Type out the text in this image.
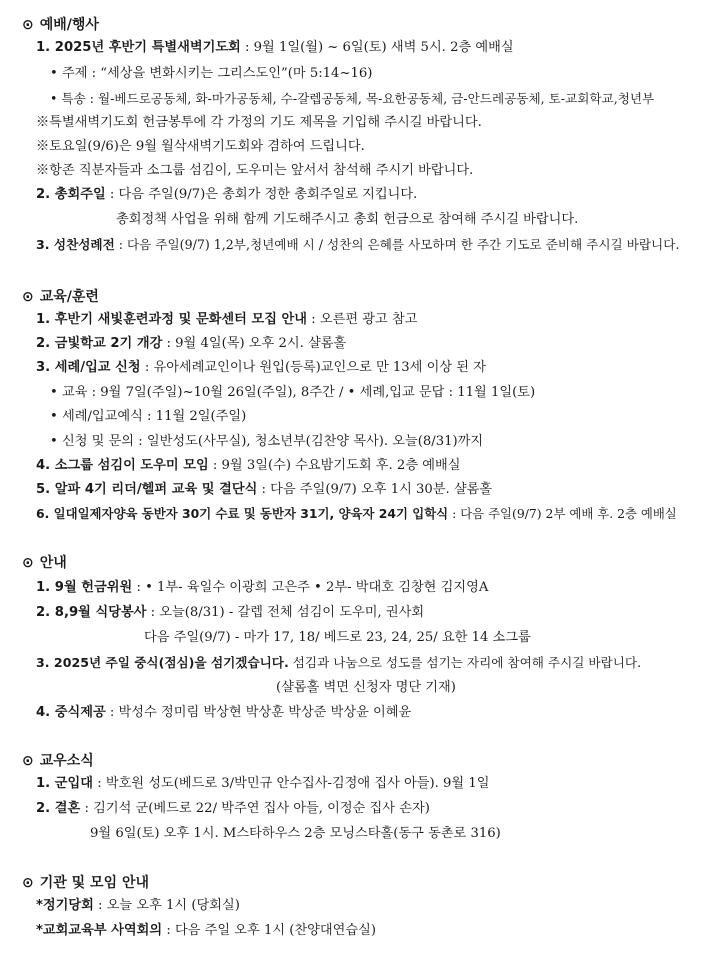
⊙ 예배/행사
1. 2025년 후반기 특별새벽기도회 : 9월 1일(월) ~ 6일(토) 새벽 5시. 2층 예배실
• 주제 : “세상을 변화시키는 그리스도인”(마 5:14~16)
• 특송 : 월-베드로공동체, 화-마가공동체, 수-갈렙공동체, 목-요한공동체, 금-안드레공동체, 토-교회학교,청년부
※특별새벽기도회 헌금봉투에 각 가정의 기도 제목을 기입해 주시길 바랍니다.
※토요일(9/6)은 9월 월삭새벽기도회와 겸하여 드립니다.
※항존 직분자들과 소그룹 섬김이, 도우미는 앞서서 참석해 주시기 바랍니다.
2. 총회주일 : 다음 주일(9/7)은 총회가 정한 총회주일로 지킵니다.
총회정책 사업을 위해 함께 기도해주시고 총회 헌금으로 참여해 주시길 바랍니다.
3. 성찬성례전 : 다음 주일(9/7) 1,2부,청년예배 시 / 성찬의 은혜를 사모하며 한 주간 기도로 준비해 주시길 바랍니다.
⊙ 교육/훈련
1. 후반기 새빛훈련과정 및 문화센터 모집 안내 : 오른편 광고 참고
2. 금빛학교 2기 개강 : 9월 4일(목) 오후 2시. 샬롬홀
3. 세례/입교 신청 : 유아세례교인이나 원입(등록)교인으로 만 13세 이상 된 자
• 교육 : 9월 7일(주일)~10월 26일(주일), 8주간 / • 세례,입교 문답 : 11월 1일(토)
• 세례/입교예식 : 11월 2일(주일)
• 신청 및 문의 : 일반성도(사무실), 청소년부(김찬양 목사). 오늘(8/31)까지
4. 소그룹 섬김이 도우미 모임 : 9월 3일(수) 수요밤기도회 후. 2층 예배실
5. 알파 4기 리더/헬퍼 교육 및 결단식 : 다음 주일(9/7) 오후 1시 30분. 샬롬홀
6. 일대일제자양육 동반자 30기 수료 및 동반자 31기, 양육자 24기 입학식 : 다음 주일(9/7) 2부 예배 후. 2층 예배실
⊙ 안내
1. 9월 헌금위원 : • 1부- 육일수 이광희 고은주 • 2부- 박대호 김창현 김지영A
2. 8,9월 식당봉사 : 오늘(8/31) - 갈렙 전체 섬김이 도우미, 권사회
다음 주일(9/7) - 마가 17, 18/ 베드로 23, 24, 25/ 요한 14 소그룹
3. 2025년 주일 중식(점심)을 섬기겠습니다. 섬김과 나눔으로 성도를 섬기는 자리에 참여해 주시길 바랍니다.
(샬롬홀 벽면 신청자 명단 기재)
4. 중식제공 : 박성수 정미림 박상현 박상훈 박상준 박상윤 이혜윤
⊙ 교우소식
1. 군입대 : 박호원 성도(베드로 3/박민규 안수집사-김정애 집사 아들). 9월 1일
2. 결혼 : 김기석 군(베드로 22/ 박주연 집사 아들, 이정순 집사 손자)
9월 6일(토) 오후 1시. M스타하우스 2층 모닝스타홀(동구 동촌로 316)
⊙ 기관 및 모임 안내
*정기당회 : 오늘 오후 1시 (당회실)
*교회교육부 사역회의 : 다음 주일 오후 1시 (찬양대연습실)
